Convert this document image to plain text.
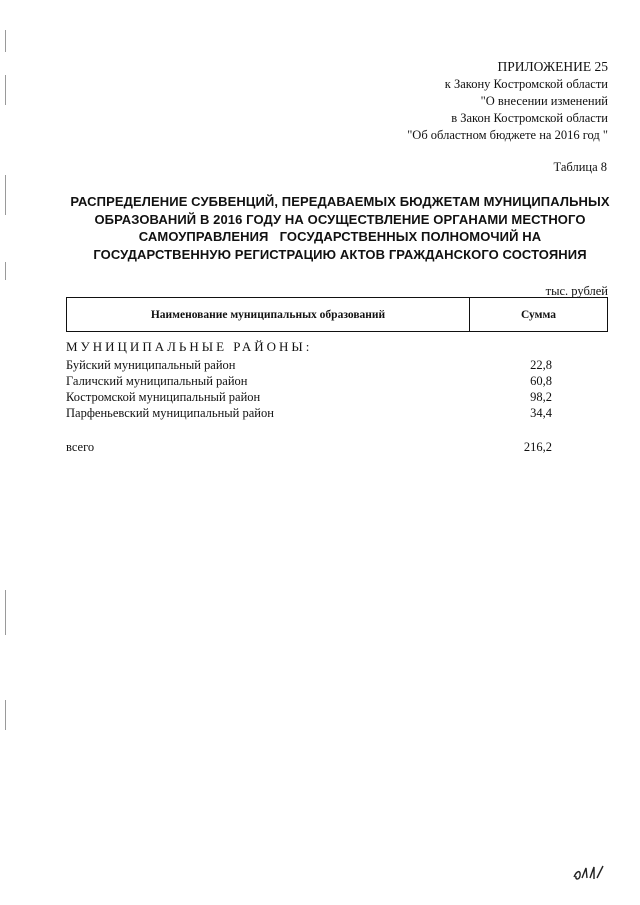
ПРИЛОЖЕНИЕ 25
к Закону Костромской области
"О внесении изменений
в Закон Костромской области
"Об областном бюджете на 2016 год "
Таблица 8
РАСПРЕДЕЛЕНИЕ СУБВЕНЦИЙ, ПЕРЕДАВАЕМЫХ БЮДЖЕТАМ МУНИЦИПАЛЬНЫХ
ОБРАЗОВАНИЙ В 2016 ГОДУ НА ОСУЩЕСТВЛЕНИЕ ОРГАНАМИ МЕСТНОГО
САМОУПРАВЛЕНИЯ   ГОСУДАРСТВЕННЫХ ПОЛНОМОЧИЙ НА
ГОСУДАРСТВЕННУЮ РЕГИСТРАЦИЮ АКТОВ ГРАЖДАНСКОГО СОСТОЯНИЯ
тыс. рублей
Наименование муниципальных образований	Сумма
МУНИЦИПАЛЬНЫЕ РАЙОНЫ:
Буйский муниципальный район	22,8
Галичский муниципальный район	60,8
Костромской муниципальный район	98,2
Парфеньевский муниципальный район	34,4
всего	216,2
